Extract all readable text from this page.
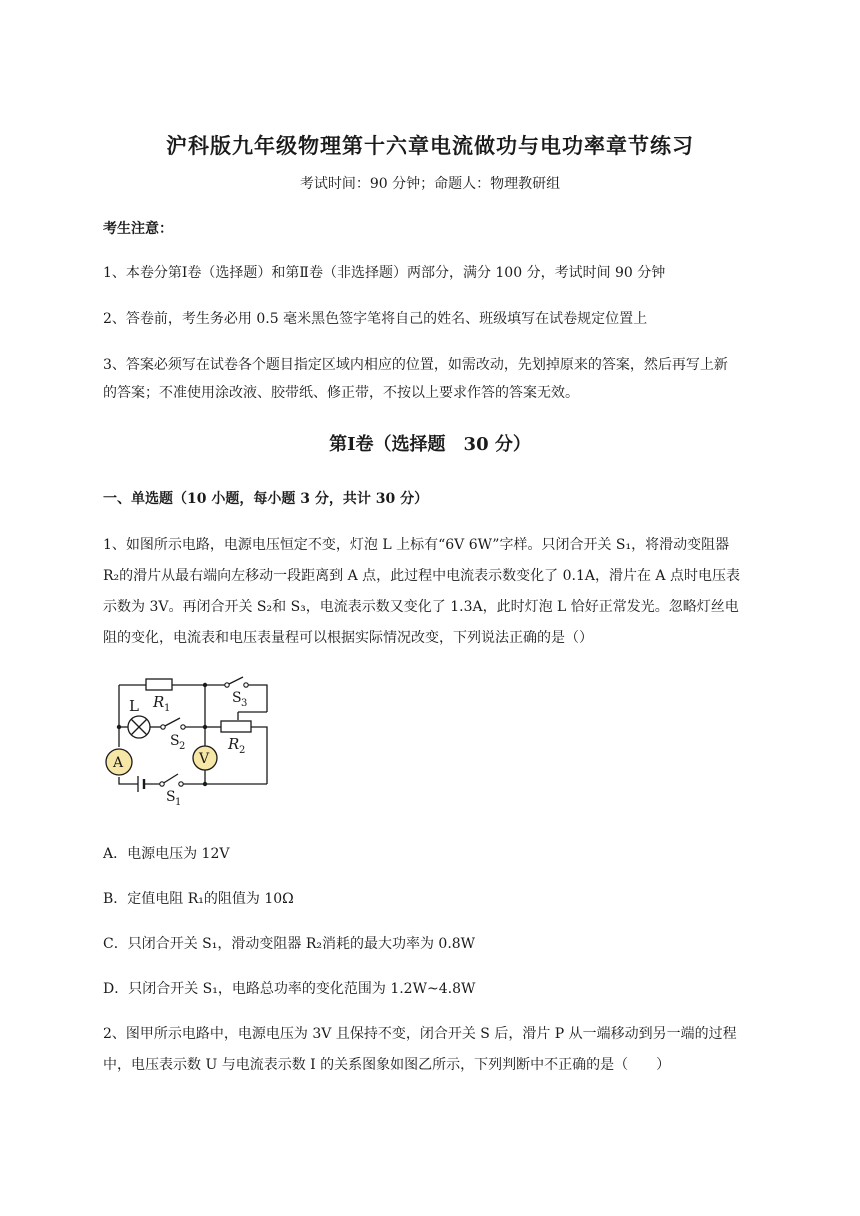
沪科版九年级物理第十六章电流做功与电功率章节练习
考试时间：90 分钟；命题人：物理教研组
考生注意：
1、本卷分第Ⅰ卷（选择题）和第Ⅱ卷（非选择题）两部分，满分 100 分，考试时间 90 分钟
2、答卷前，考生务必用 0.5 毫米黑色签字笔将自己的姓名、班级填写在试卷规定位置上
3、答案必须写在试卷各个题目指定区域内相应的位置，如需改动，先划掉原来的答案，然后再写上新
的答案；不准使用涂改液、胶带纸、修正带，不按以上要求作答的答案无效。
第Ⅰ卷（选择题　30 分）
一、单选题（10 小题，每小题 3 分，共计 30 分）
1、如图所示电路，电源电压恒定不变，灯泡 L 上标有“6V 6W”字样。只闭合开关 S₁，将滑动变阻器
R₂的滑片从最右端向左移动一段距离到 A 点，此过程中电流表示数变化了 0.1A，滑片在 A 点时电压表
示数为 3V。再闭合开关 S₂和 S₃，电流表示数又变化了 1.3A，此时灯泡 L 恰好正常发光。忽略灯丝电
阻的变化，电流表和电压表量程可以根据实际情况改变，下列说法正确的是（）
A	V
L R 1
R 2
S 3
S 2
S 1
A．电源电压为 12V
B．定值电阻 R₁的阻值为 10Ω
C．只闭合开关 S₁，滑动变阻器 R₂消耗的最大功率为 0.8W
D．只闭合开关 S₁，电路总功率的变化范围为 1.2W~4.8W
2、图甲所示电路中，电源电压为 3V 且保持不变，闭合开关 S 后，滑片 P 从一端移动到另一端的过程
中，电压表示数 U 与电流表示数 I 的关系图象如图乙所示，下列判断中不正确的是（　　）
